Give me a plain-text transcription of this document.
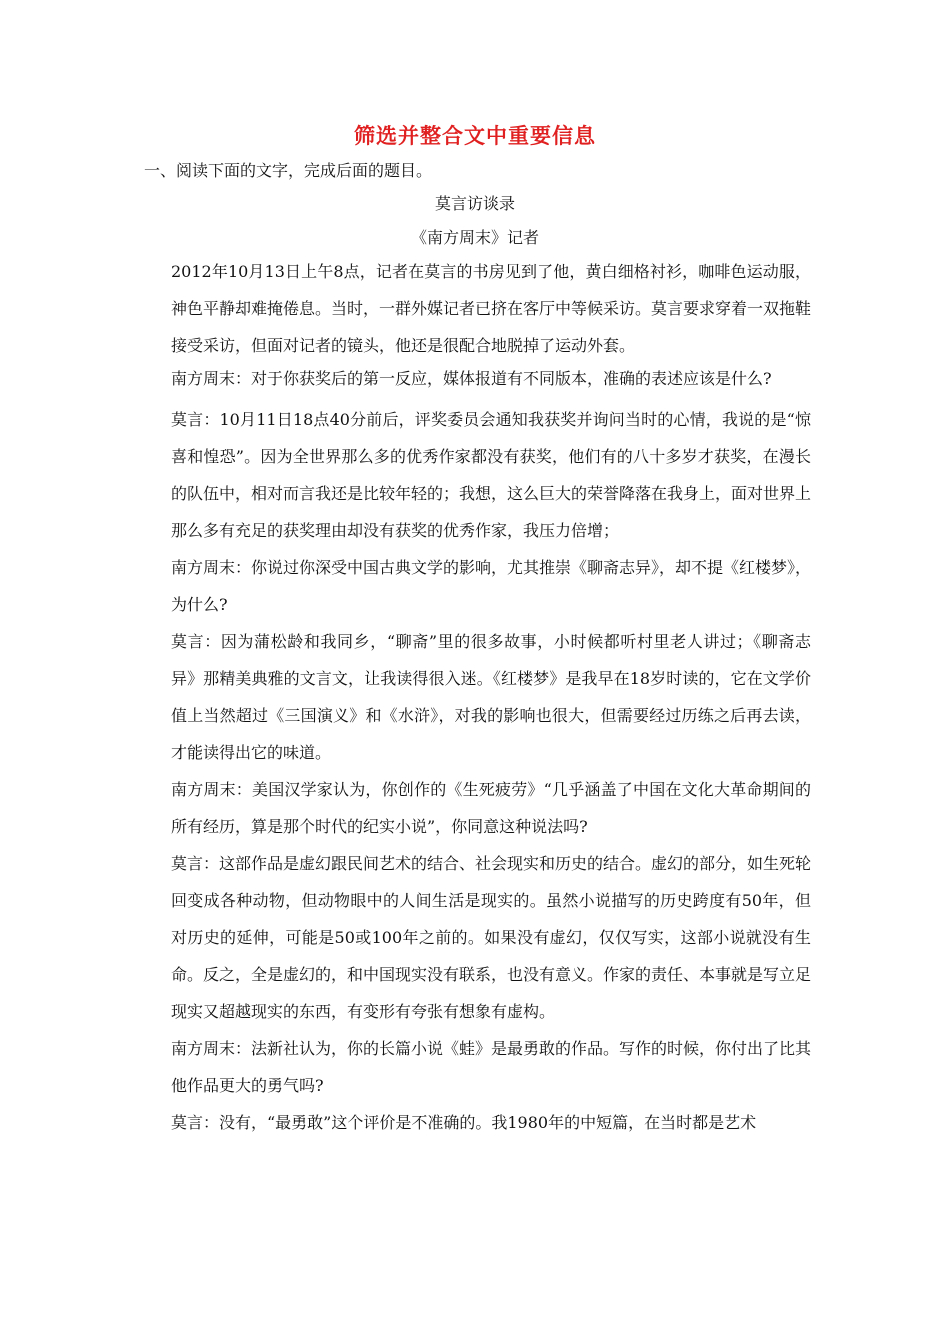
筛选并整合文中重要信息
一、阅读下面的文字，完成后面的题目。
莫言访谈录
《南方周末》记者

2012年10月13日上午8点，记者在莫言的书房见到了他，黄白细格衬衫，咖啡色运动服，神色平静却难掩倦息。当时，一群外媒记者已挤在客厅中等候采访。莫言要求穿着一双拖鞋接受采访，但面对记者的镜头，他还是很配合地脱掉了运动外套。

南方周末：对于你获奖后的第一反应，媒体报道有不同版本，准确的表述应该是什么?

莫言：10月11日18点40分前后，评奖委员会通知我获奖并询问当时的心情，我说的是“惊喜和惶恐”。因为全世界那么多的优秀作家都没有获奖，他们有的八十多岁才获奖，在漫长的队伍中，相对而言我还是比较年轻的；我想，这么巨大的荣誉降落在我身上，面对世界上那么多有充足的获奖理由却没有获奖的优秀作家，我压力倍增；

南方周末：你说过你深受中国古典文学的影响，尤其推崇《聊斋志异》，却不提《红楼梦》，为什么?

莫言：因为蒲松龄和我同乡，“聊斋”里的很多故事，小时候都听村里老人讲过；《聊斋志异》那精美典雅的文言文，让我读得很入迷。《红楼梦》是我早在18岁时读的，它在文学价值上当然超过《三国演义》和《水浒》，对我的影响也很大，但需要经过历练之后再去读，才能读得出它的味道。

南方周末：美国汉学家认为，你创作的《生死疲劳》“几乎涵盖了中国在文化大革命期间的所有经历，算是那个时代的纪实小说”，你同意这种说法吗?

莫言：这部作品是虚幻跟民间艺术的结合、社会现实和历史的结合。虚幻的部分，如生死轮回变成各种动物，但动物眼中的人间生活是现实的。虽然小说描写的历史跨度有50年，但对历史的延伸，可能是50或100年之前的。如果没有虚幻，仅仅写实，这部小说就没有生命。反之，全是虚幻的，和中国现实没有联系，也没有意义。作家的责任、本事就是写立足现实又超越现实的东西，有变形有夸张有想象有虚构。

南方周末：法新社认为，你的长篇小说《蛙》是最勇敢的作品。写作的时候，你付出了比其他作品更大的勇气吗?

莫言：没有，“最勇敢”这个评价是不准确的。我1980年的中短篇，在当时都是艺术
